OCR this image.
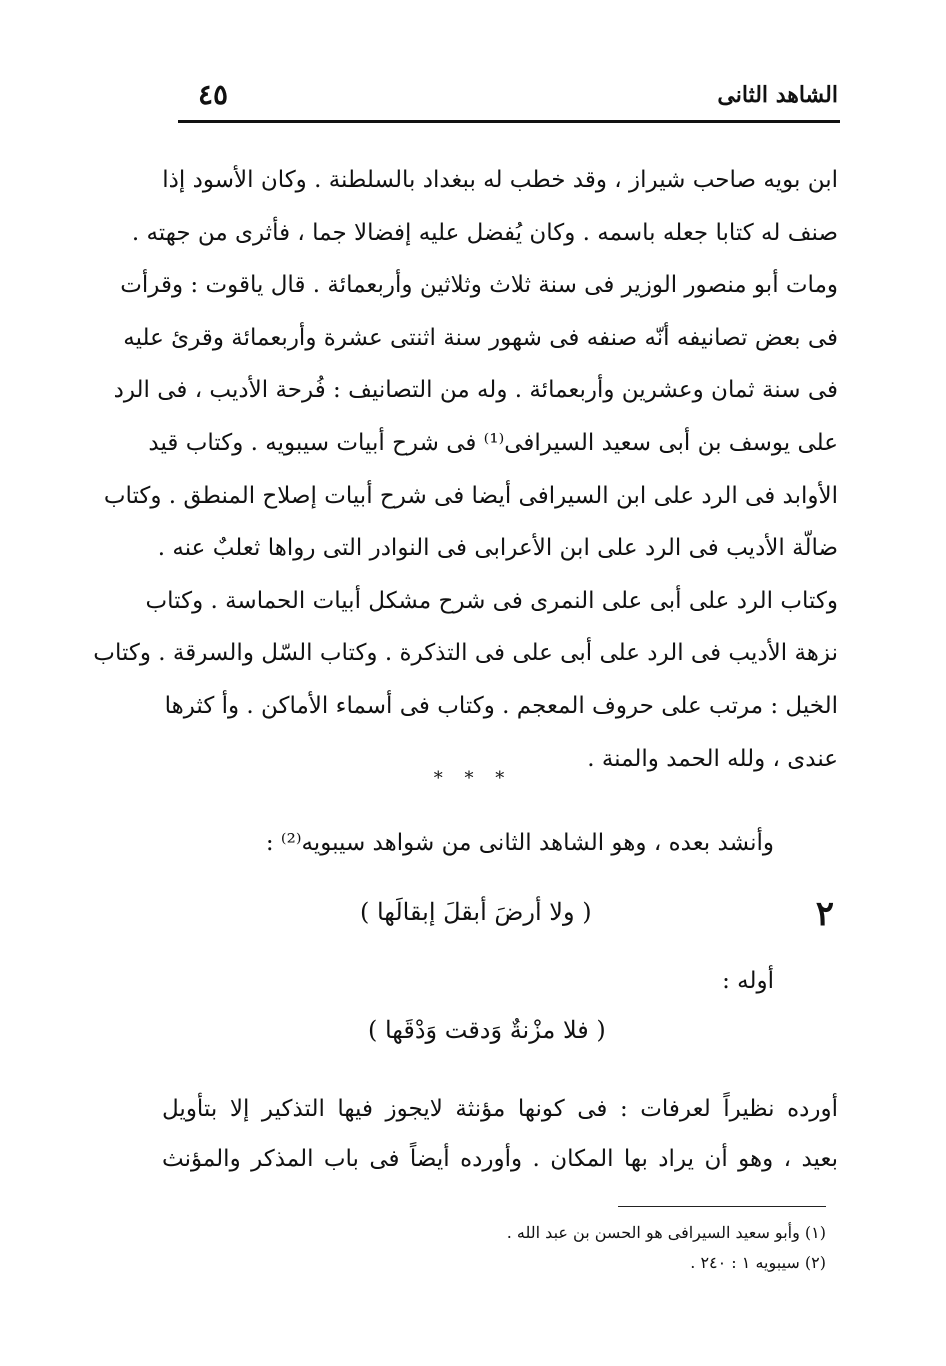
الشاهد الثانى
٤٥
ابن بويه صاحب شيراز ، وقد خطب له ببغداد بالسلطنة . وكان الأسود إذا
صنف له كتابا جعله باسمه . وكان يُفضل عليه إفضالا جما ، فأثرى من جهته .
ومات أبو منصور الوزير فى سنة ثلاث وثلاثين وأربعمائة . قال ياقوت : وقرأت
فى بعض تصانيفه أنّه صنفه فى شهور سنة اثنتى عشرة وأربعمائة وقرئ عليه
فى سنة ثمان وعشرين وأربعمائة . وله من التصانيف : فُرحة الأديب ، فى الرد
على يوسف بن أبى سعيد السيرافى⁽¹⁾ فى شرح أبيات سيبويه . وكتاب قيد
الأوابد فى الرد على ابن السيرافى أيضا فى شرح أبيات إصلاح المنطق . وكتاب
ضالّة الأديب فى الرد على ابن الأعرابى فى النوادر التى رواها ثعلبٌ عنه .
وكتاب الرد على أبى على النمرى فى شرح مشكل أبيات الحماسة . وكتاب
نزهة الأديب فى الرد على أبى على فى التذكرة . وكتاب السّل والسرقة . وكتاب
الخيل : مرتب على حروف المعجم . وكتاب فى أسماء الأماكن . وأ كثرها
عندى ، ولله الحمد والمنة .
* * *
وأنشد بعده ، وهو الشاهد الثانى من شواهد سيبويه⁽²⁾ :
٢
( ولا أرضَ أبقلَ إبقالَها )
أوله :
( فلا مزْنةٌ وَدقت وَدْقَها )
أورده نظيراً لعرفات : فى كونها مؤنثة لايجوز فيها التذكير إلا بتأويل
بعيد ، وهو أن يراد بها المكان . وأورده أيضاً فى باب المذكر والمؤنث
(١) وأبو سعيد السيرافى هو الحسن بن عبد الله .
(٢) سيبويه ١ : ٢٤٠ .
